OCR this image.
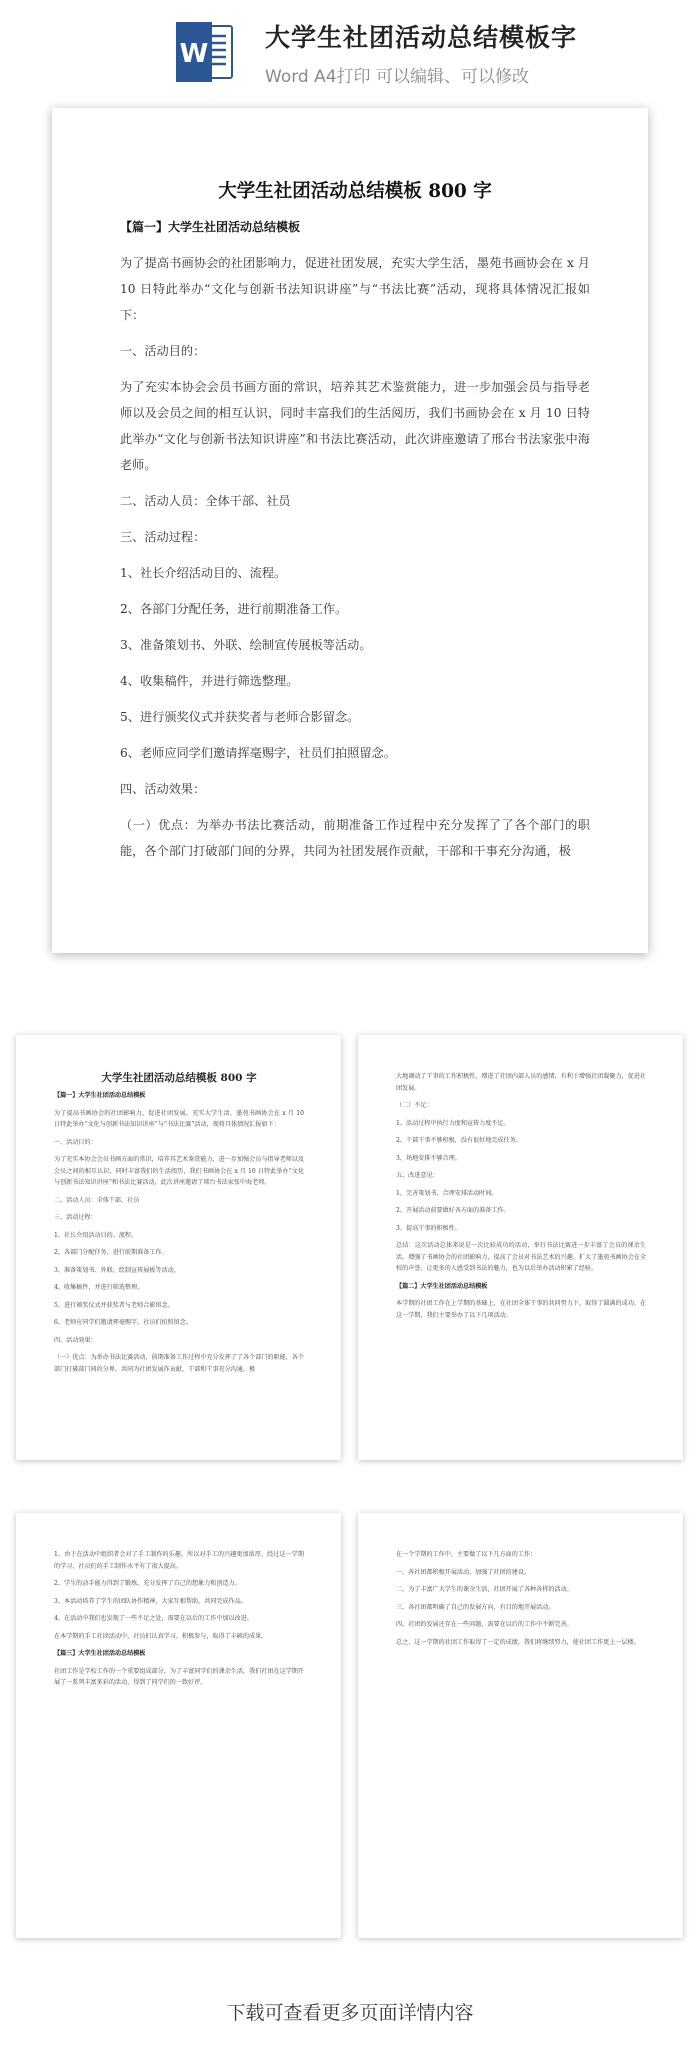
W
大学生社团活动总结模板字
Word A4打印 可以编辑、可以修改
大学生社团活动总结模板 800 字
【篇一】大学生社团活动总结模板
为了提高书画协会的社团影响力，促进社团发展，充实大学生活，墨苑书画协会在 x 月 10 日特此举办“文化与创新书法知识讲座”与“书法比赛”活动，现将具体情况汇报如下：
一、活动目的：
为了充实本协会会员书画方面的常识，培养其艺术鉴赏能力，进一步加强会员与指导老师以及会员之间的相互认识，同时丰富我们的生活阅历，我们书画协会在 x 月 10 日特此举办“文化与创新书法知识讲座”和书法比赛活动，此次讲座邀请了邢台书法家张中海老师。
二、活动人员：全体干部、社员
三、活动过程：
1、社长介绍活动目的、流程。
2、各部门分配任务，进行前期准备工作。
3、准备策划书、外联、绘制宣传展板等活动。
4、收集稿件，并进行筛选整理。
5、进行颁奖仪式并获奖者与老师合影留念。
6、老师应同学们邀请挥毫赐字，社员们拍照留念。
四、活动效果：
（一）优点：为举办书法比赛活动，前期准备工作过程中充分发挥了了各个部门的职能，各个部门打破部门间的分界，共同为社团发展作贡献，干部和干事充分沟通，极
大学生社团活动总结模板 800 字
【篇一】大学生社团活动总结模板
为了提高书画协会的社团影响力，促进社团发展，充实大学生活，墨苑书画协会在 x 月 10 日特此举办“文化与创新书法知识讲座”与“书法比赛”活动，现将具体情况汇报如下：
一、活动目的：
为了充实本协会会员书画方面的常识，培养其艺术鉴赏能力，进一步加强会员与指导老师以及会员之间的相互认识，同时丰富我们的生活阅历，我们书画协会在 x 月 10 日特此举办“文化与创新书法知识讲座”和书法比赛活动，此次讲座邀请了邢台书法家张中海老师。
二、活动人员：全体干部、社员
三、活动过程：
1、社长介绍活动目的、流程。
2、各部门分配任务，进行前期准备工作。
3、准备策划书、外联、绘制宣传展板等活动。
4、收集稿件，并进行筛选整理。
5、进行颁奖仪式并获奖者与老师合影留念。
6、老师应同学们邀请挥毫赐字，社员们拍照留念。
四、活动效果：
（一）优点：为举办书法比赛活动，前期准备工作过程中充分发挥了了各个部门的职能，各个部门打破部门间的分界，共同为社团发展作贡献，干部和干事充分沟通，极
大地调动了干事的工作积极性，增进了社团内部人员的感情，有利于增强社团凝聚力，促进社团发展。
（二）不足：
1、活动过程中执行力度和宣传力度不足。
2、干部干事不够积极，没有很好地完成任务。
3、场地安排不够合理。
五、改进意见：
1、完善策划书，合理安排活动时间。
2、开展活动前要做好各方面的准备工作。
3、提高干事的积极性。
总结：这次活动总体来说是一次比较成功的活动，举行书法比赛进一步丰富了会员的课余生活，增强了书画协会的社团影响力，提高了会员对书法艺术的兴趣，扩大了墨苑书画协会在全校的声誉，让更多的人感受到书法的魅力，也为以后举办活动积累了经验。
【篇二】大学生社团活动总结模板
本学期的社团工作在上学期的基础上，在社团全体干事的共同努力下，取得了圆满的成功。在这一学期，我们主要举办了以下几项活动。
1、由于在活动中组织者会对了手工制作的乐趣，所以对手工的兴趣更加浓厚，经过这一学期的学习，社员们的手工制作水平有了很大提高。
2、学生的动手能力得到了锻炼，充分发挥了自己的想象力和创造力。
3、本活动培养了学生的团队协作精神，大家互相帮助，共同完成作品。
4、在活动中我们也发现了一些不足之处，需要在以后的工作中加以改进。
在本学期的手工社团活动中，社员们认真学习，积极参与，取得了丰硕的成果。
【篇三】大学生社团活动总结模板
社团工作是学校工作的一个重要组成部分，为了丰富同学们的课余生活，我们社团在这学期开展了一系列丰富多彩的活动，得到了同学们的一致好评。
在一个学期的工作中，主要做了以下几方面的工作：
一、各社团都积极开展活动，加强了社团的建设。
二、为了丰富广大学生的课余生活，社团开展了各种各样的活动。
三、各社团都明确了自己的发展方向，有目的地开展活动。
四、社团的发展还存在一些问题，需要在以后的工作中不断完善。
总之，这一学期的社团工作取得了一定的成绩，我们将继续努力，使社团工作更上一层楼。
下载可查看更多页面详情内容
